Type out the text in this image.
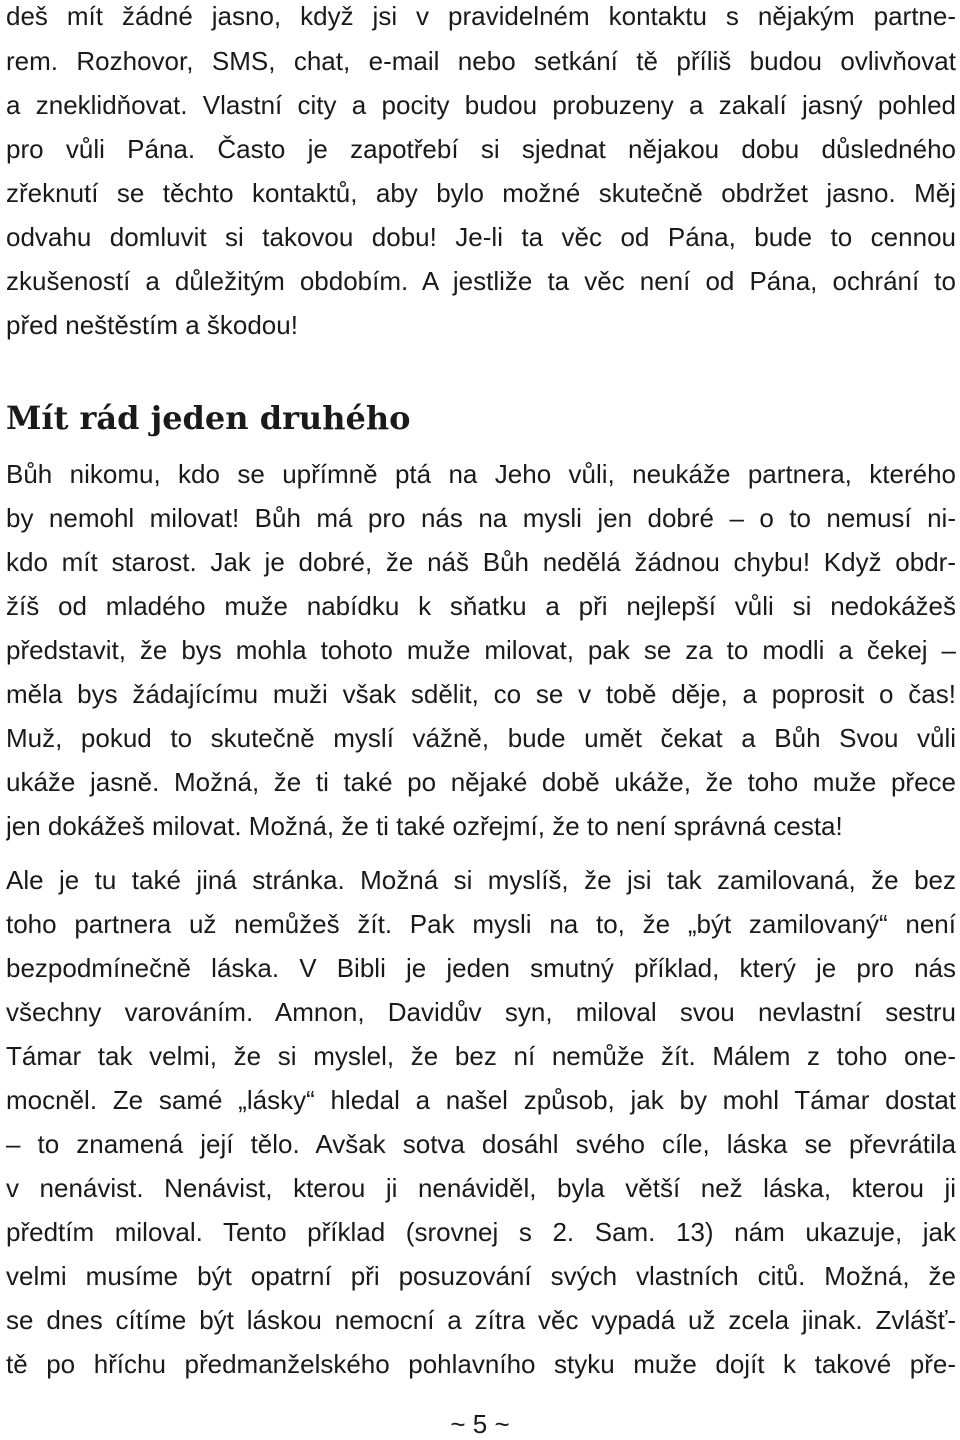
deš mít žádné jasno, když jsi v pravidelném kontaktu s nějakým partne-
rem. Rozhovor, SMS, chat, e-mail nebo setkání tě příliš budou ovlivňovat
a zneklidňovat. Vlastní city a pocity budou probuzeny a zakalí jasný pohled
pro vůli Pána. Často je zapotřebí si sjednat nějakou dobu důsledného
zřeknutí se těchto kontaktů, aby bylo možné skutečně obdržet jasno. Měj
odvahu domluvit si takovou dobu! Je-li ta věc od Pána, bude to cennou
zkušeností a důležitým obdobím. A jestliže ta věc není od Pána, ochrání to
před neštěstím a škodou!
Mít rád jeden druhého
Bůh nikomu, kdo se upřímně ptá na Jeho vůli, neukáže partnera, kterého
by nemohl milovat! Bůh má pro nás na mysli jen dobré – o to nemusí ni-
kdo mít starost. Jak je dobré, že náš Bůh nedělá žádnou chybu! Když obdr-
žíš od mladého muže nabídku k sňatku a při nejlepší vůli si nedokážeš
představit, že bys mohla tohoto muže milovat, pak se za to modli a čekej –
měla bys žádajícímu muži však sdělit, co se v tobě děje, a poprosit o čas!
Muž, pokud to skutečně myslí vážně, bude umět čekat a Bůh Svou vůli
ukáže jasně. Možná, že ti také po nějaké době ukáže, že toho muže přece
jen dokážeš milovat. Možná, že ti také ozřejmí, že to není správná cesta!
Ale je tu také jiná stránka. Možná si myslíš, že jsi tak zamilovaná, že bez
toho partnera už nemůžeš žít. Pak mysli na to, že „být zamilovaný“ není
bezpodmínečně láska. V Bibli je jeden smutný příklad, který je pro nás
všechny varováním. Amnon, Davidův syn, miloval svou nevlastní sestru
Támar tak velmi, že si myslel, že bez ní nemůže žít. Málem z toho one-
mocněl. Ze samé „lásky“ hledal a našel způsob, jak by mohl Támar dostat
– to znamená její tělo. Avšak sotva dosáhl svého cíle, láska se převrátila
v nenávist. Nenávist, kterou ji nenáviděl, byla větší než láska, kterou ji
předtím miloval. Tento příklad (srovnej s 2. Sam. 13) nám ukazuje, jak
velmi musíme být opatrní při posuzování svých vlastních citů. Možná, že
se dnes cítíme být láskou nemocní a zítra věc vypadá už zcela jinak. Zvlášť-
tě po hříchu předmanželského pohlavního styku muže dojít k takové pře-
~ 5 ~
